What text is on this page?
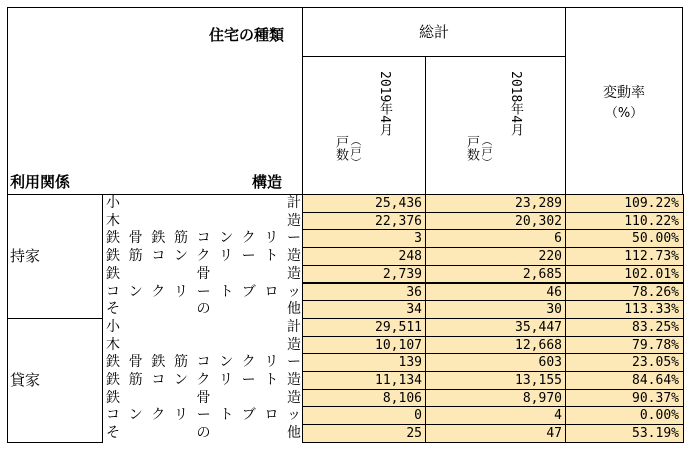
住宅の種類
利用関係	構造
総計
戸数 （戸）
2019年4月
戸数 （戸）
2018年4月	変動率
（%）
持家
小計	25,436	23,289	109.22%
木造	22,376	20,302	110.22%
鉄骨鉄筋コンクリー	3	6	50.00%
鉄筋コンクリート造	248	220	112.73%
鉄骨造	2,739	2,685	102.01%
コンクリートブロッ	36	46	78.26%
その他	34	30	113.33%
貸家
小計	29,511	35,447	83.25%
木造	10,107	12,668	79.78%
鉄骨鉄筋コンクリー	139	603	23.05%
鉄筋コンクリート造	11,134	13,155	84.64%
鉄骨造	8,106	8,970	90.37%
コンクリートブロッ	0	4	0.00%
その他	25	47	53.19%
